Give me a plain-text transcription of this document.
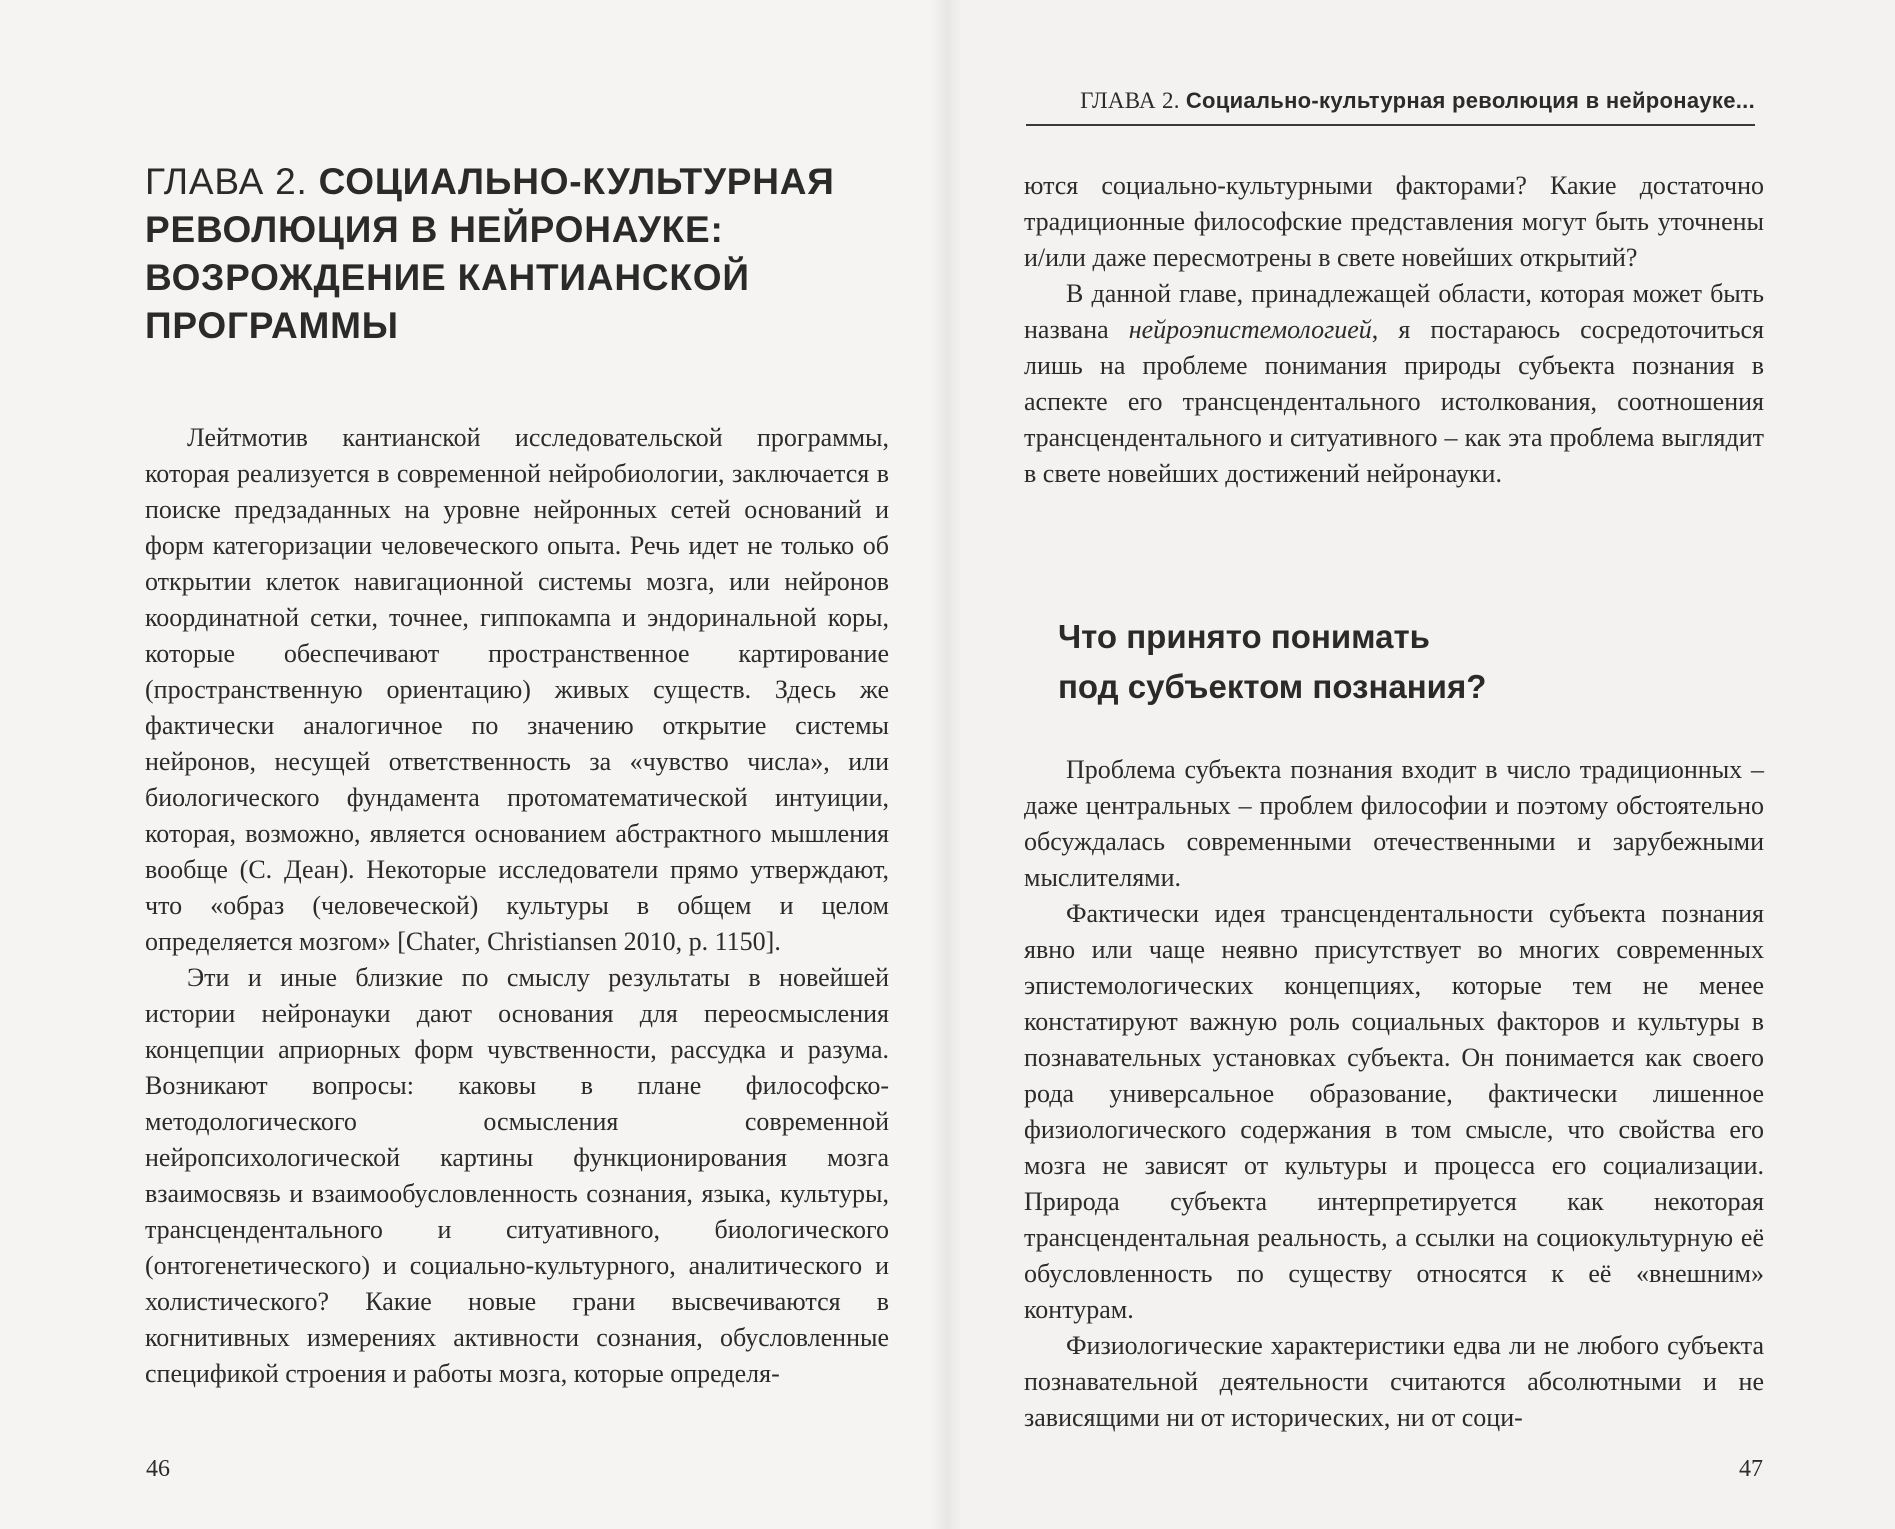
ГЛАВА 2. СОЦИАЛЬНО-КУЛЬТУРНАЯ
РЕВОЛЮЦИЯ В НЕЙРОНАУКЕ:
ВОЗРОЖДЕНИЕ КАНТИАНСКОЙ
ПРОГРАММЫ

Лейтмотив кантианской исследовательской программы, которая реализуется в современной нейробиологии, заключается в поиске предзаданных на уровне нейронных сетей оснований и форм категоризации человеческого опыта. Речь идет не только об открытии клеток навигационной системы мозга, или нейронов координатной сетки, точнее, гиппокампа и эндоринальной коры, которые обеспечивают пространственное картирование (пространственную ориентацию) живых существ. Здесь же фактически аналогичное по значению открытие системы нейронов, несущей ответственность за «чувство числа», или биологического фундамента протоматематической интуиции, которая, возможно, является основанием абстрактного мышления вообще (С. Деан). Некоторые исследователи прямо утверждают, что «образ (человеческой) культуры в общем и целом определяется мозгом» [Chater, Christiansen 2010, p. 1150].

Эти и иные близкие по смыслу результаты в новейшей истории нейронауки дают основания для переосмысления концепции априорных форм чувственности, рассудка и разума. Возникают вопросы: каковы в плане философско-методологического осмысления современной нейропсихологической картины функционирования мозга взаимосвязь и взаимообусловленность сознания, языка, культуры, трансцендентального и ситуативного, биологического (онтогенетического) и социально-культурного, аналитического и холистического? Какие новые грани высвечиваются в когнитивных измерениях активности сознания, обусловленные спецификой строения и работы мозга, которые определя-

46
ГЛАВА 2. Социально-культурная революция в нейронауке...

ются социально-культурными факторами? Какие достаточно традиционные философские представления могут быть уточнены и/или даже пересмотрены в свете новейших открытий?

В данной главе, принадлежащей области, которая может быть названа нейроэпистемологией, я постараюсь сосредоточиться лишь на проблеме понимания природы субъекта познания в аспекте его трансцендентального истолкования, соотношения трансцендентального и ситуативного – как эта проблема выглядит в свете новейших достижений нейронауки.

Что принято понимать
под субъектом познания?

Проблема субъекта познания входит в число традиционных – даже центральных – проблем философии и поэтому обстоятельно обсуждалась современными отечественными и зарубежными мыслителями.

Фактически идея трансцендентальности субъекта познания явно или чаще неявно присутствует во многих современных эпистемологических концепциях, которые тем не менее констатируют важную роль социальных факторов и культуры в познавательных установках субъекта. Он понимается как своего рода универсальное образование, фактически лишенное физиологического содержания в том смысле, что свойства его мозга не зависят от культуры и процесса его социализации. Природа субъекта интерпретируется как некоторая трансцендентальная реальность, а ссылки на социокультурную её обусловленность по существу относятся к её «внешним» контурам.

Физиологические характеристики едва ли не любого субъекта познавательной деятельности считаются абсолютными и не зависящими ни от исторических, ни от соци-

47
